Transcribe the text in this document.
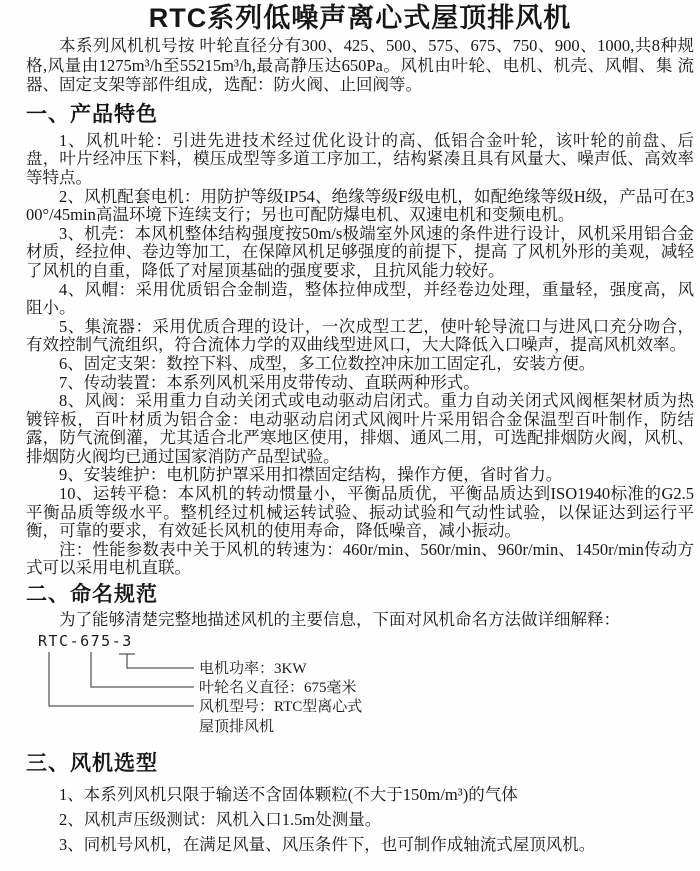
RTC系列低噪声离心式屋顶排风机

本系列风机机号按 叶轮直径分有300、425、500、575、675、750、900、1000,共8种规格,风量由1275m³/h至55215m³/h,最高静压达650Pa。风机由叶轮、电机、机壳、风帽、集 流器、固定支架等部件组成，选配：防火阀、止回阀等。

一、产品特色

1、风机叶轮：引进先进技术经过优化设计的高、低铝合金叶轮，该叶轮的前盘、后盘，叶片经冲压下料，模压成型等多道工序加工，结构紧凑且具有风量大、噪声低、高效率等特点。

2、风机配套电机：用防护等级IP54、绝缘等级F级电机，如配绝缘等级H级，产品可在300°/45min高温环境下连续支行；另也可配防爆电机、双速电机和变频电机。

3、机壳：本风机整体结构强度按50m/s极端室外风速的条件进行设计，风机采用铝合金材质，经拉伸、卷边等加工，在保障风机足够强度的前提下，提高 了风机外形的美观，减轻了风机的自重，降低了对屋顶基础的强度要求，且抗风能力较好。

4、风帽：采用优质铝合金制造，整体拉伸成型，并经卷边处理，重量轻，强度高，风阻小。

5、集流器：采用优质合理的设计，一次成型工艺，使叶轮导流口与进风口充分吻合，有效控制气流组织，符合流体力学的双曲线型进风口，大大降低入口噪声，提高风机效率。

6、固定支架：数控下料、成型，多工位数控冲床加工固定孔，安装方便。

7、传动装置：本系列风机采用皮带传动、直联两种形式。

8、风阀：采用重力自动关闭式或电动驱动启闭式。重力自动关闭式风阀框架材质为热镀锌板，百叶材质为铝合金：电动驱动启闭式风阀叶片采用铝合金保温型百叶制作，防结露，防气流倒灌，尤其适合北严寒地区使用，排烟、通风二用，可选配排烟防火阀，风机、排烟防火阀均已通过国家消防产品型试验。

9、安装维护：电机防护罩采用扣襟固定结构，操作方便，省时省力。

10、运转平稳：本风机的转动惯量小，平衡品质优，平衡品质达到ISO1940标准的G2.5平衡品质等级水平。整机经过机械运转试验、振动试验和气动性试验，以保证达到运行平衡，可靠的要求，有效延长风机的使用寿命，降低噪音，减小振动。

注：性能参数表中关于风机的转速为：460r/min、560r/min、960r/min、1450r/min传动方式可以采用电机直联。

二、命名规范

为了能够清楚完整地描述风机的主要信息，下面对风机命名方法做详细解释：

RTC-675-3
电机功率：3KW
叶轮名义直径：675毫米
风机型号：RTC型离心式
屋顶排风机
三、风机选型

1、本系列风机只限于输送不含固体颗粒(不大于150m/m³)的气体

2、风机声压级测试：风机入口1.5m处测量。

3、同机号风机，在满足风量、风压条件下，也可制作成轴流式屋顶风机。
